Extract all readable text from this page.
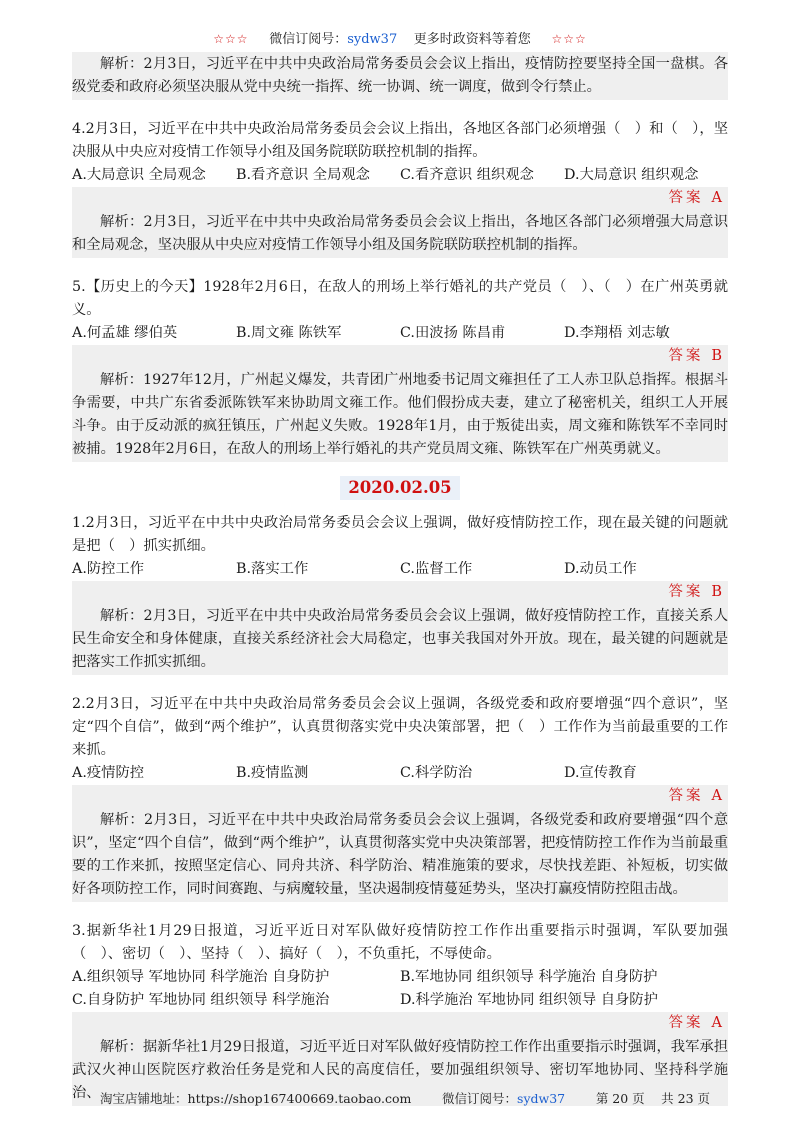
☆☆☆ 微信订阅号：sydw37 更多时政资料等着您 ☆☆☆

解析：2月3日，习近平在中共中央政治局常务委员会会议上指出，疫情防控要坚持全国一盘棋。各级党委和政府必须坚决服从党中央统一指挥、统一协调、统一调度，做到令行禁止。

4.2月3日，习近平在中共中央政治局常务委员会会议上指出，各地区各部门必须增强（　）和（　），坚决服从中央应对疫情工作领导小组及国务院联防联控机制的指挥。

A.大局意识 全局观念	B.看齐意识 全局观念	C.看齐意识 组织观念	D.大局意识 组织观念
答案 A

解析：2月3日，习近平在中共中央政治局常务委员会会议上指出，各地区各部门必须增强大局意识和全局观念，坚决服从中央应对疫情工作领导小组及国务院联防联控机制的指挥。

5.【历史上的今天】1928年2月6日，在敌人的刑场上举行婚礼的共产党员（　）、（　）在广州英勇就义。

A.何孟雄 缪伯英	B.周文雍 陈铁军	C.田波扬 陈昌甫	D.李翔梧 刘志敏
答案 B

解析：1927年12月，广州起义爆发，共青团广州地委书记周文雍担任了工人赤卫队总指挥。根据斗争需要，中共广东省委派陈铁军来协助周文雍工作。他们假扮成夫妻，建立了秘密机关，组织工人开展斗争。由于反动派的疯狂镇压，广州起义失败。1928年1月，由于叛徒出卖，周文雍和陈铁军不幸同时被捕。1928年2月6日，在敌人的刑场上举行婚礼的共产党员周文雍、陈铁军在广州英勇就义。

2020.02.05

1.2月3日，习近平在中共中央政治局常务委员会会议上强调，做好疫情防控工作，现在最关键的问题就是把（　）抓实抓细。

A.防控工作	B.落实工作	C.监督工作	D.动员工作
答案 B

解析：2月3日，习近平在中共中央政治局常务委员会会议上强调，做好疫情防控工作，直接关系人民生命安全和身体健康，直接关系经济社会大局稳定，也事关我国对外开放。现在，最关键的问题就是把落实工作抓实抓细。

2.2月3日，习近平在中共中央政治局常务委员会会议上强调，各级党委和政府要增强“四个意识”，坚定“四个自信”，做到“两个维护”，认真贯彻落实党中央决策部署，把（　）工作作为当前最重要的工作来抓。

A.疫情防控	B.疫情监测	C.科学防治	D.宣传教育
答案 A

解析：2月3日，习近平在中共中央政治局常务委员会会议上强调，各级党委和政府要增强“四个意识”，坚定“四个自信”，做到“两个维护”，认真贯彻落实党中央决策部署，把疫情防控工作作为当前最重要的工作来抓，按照坚定信心、同舟共济、科学防治、精准施策的要求，尽快找差距、补短板，切实做好各项防控工作，同时间赛跑、与病魔较量，坚决遏制疫情蔓延势头，坚决打赢疫情防控阻击战。

3.据新华社1月29日报道，习近平近日对军队做好疫情防控工作作出重要指示时强调，军队要加强（　）、密切（　）、坚持（　）、搞好（　），不负重托，不辱使命。

A.组织领导 军地协同 科学施治 自身防护	B.军地协同 组织领导 科学施治 自身防护
C.自身防护 军地协同 组织领导 科学施治	D.科学施治 军地协同 组织领导 自身防护
答案 A

解析：据新华社1月29日报道，习近平近日对军队做好疫情防控工作作出重要指示时强调，我军承担武汉火神山医院医疗救治任务是党和人民的高度信任，要加强组织领导、密切军地协同、坚持科学施治、 淘宝店铺地址：https://shop167400669.taobao.com 微信订阅号：sydw37 第 20 页　 共 23 页
